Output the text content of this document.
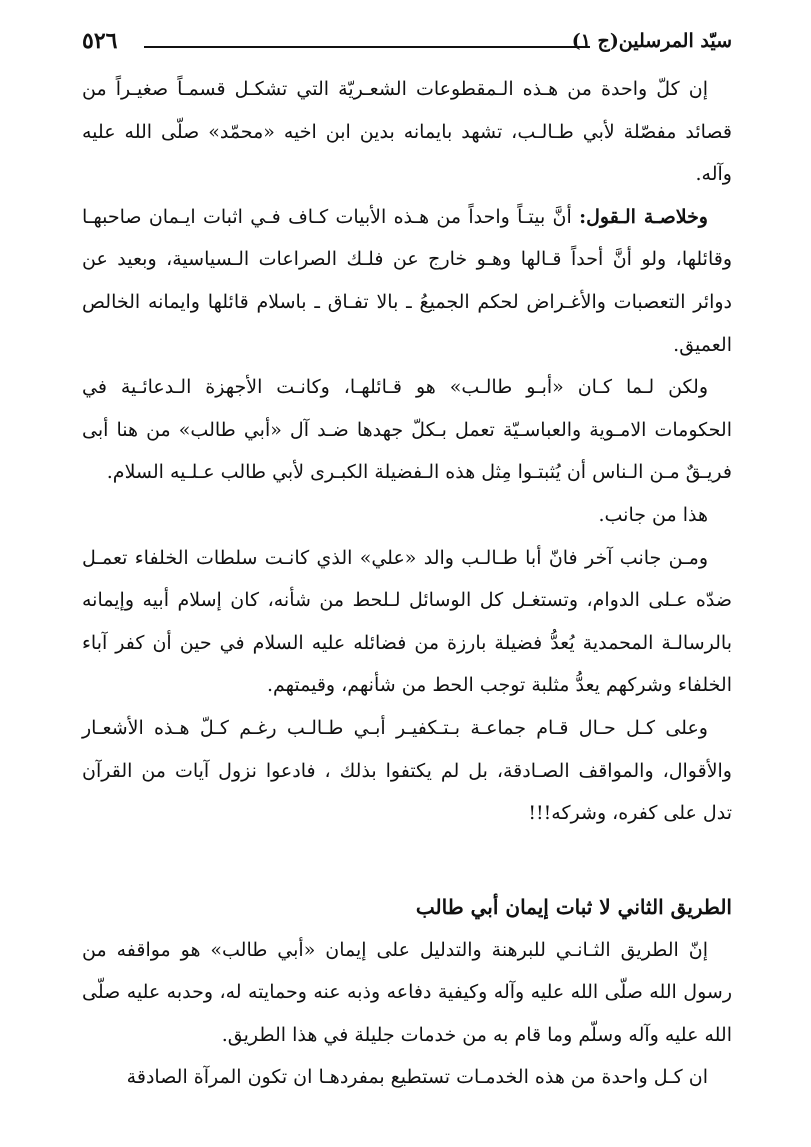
٥٢٦	سيّد المرسلين(ج ١)

إن كلّ واحدة من هـذه الـمقطوعات الشعـريّة التي تشكـل قسمـاً صغيـراً من قصائد مفصّلة لأبي طـالـب، تشهد بايمانه بدين ابن اخيه «محمّد» صلّى الله عليه وآله.

وخلاصـة الـقول: أنَّ بيتـاً واحداً من هـذه الأبيات كـاف فـي اثبات ايـمان صاحبهـا وقائلها، ولو أنَّ أحداً قـالها وهـو خارج عن فلـك الصراعات الـسياسية، وبعيد عن دوائر التعصبات والأغـراض لحكم الجميعُ ـ بالا تفـاق ـ باسلام قائلها وايمانه الخالص العميق.

ولكن لـما كـان «أبـو طالـب» هو قـائلهـا، وكانـت الأجهزة الـدعائـية في الحكومات الامـوية والعباسـيّة تعمل بـكلّ جهدها ضـد آل «أبي طالب» من هنا أبى فريـقٌ مـن الـناس أن يُثبتـوا مِثل هذه الـفضيلة الكبـرى لأبي طالب عـلـيه السلام.

هذا من جانب.

ومـن جانب آخر فانّ أبا طـالـب والد «علي» الذي كانـت سلطات الخلفاء تعمـل ضدّه عـلى الدوام، وتستغـل كل الوسائل لـلحط من شأنه، كان إسلام أبيه وإيمانه بالرسالـة المحمدية يُعدُّ فضيلة بارزة من فضائله عليه السلام في حين أن كفر آباء الخلفاء وشركهم يعدُّ مثلبة توجب الحط من شأنهم، وقيمتهم.

وعلى كـل حـال قـام جماعـة بـتـكفيـر أبـي طـالـب رغـم كـلّ هـذه الأشعـار والأقوال، والمواقف الصـادقة، بل لم يكتفوا بذلك ، فادعوا نزول آيات من القرآن تدل على كفره، وشركه!!!

الطريق الثاني لا ثبات إيمان أبي طالب

إنّ الطريق الثـانـي للبرهنة والتدليل على إيمان «أبي طالب» هو مواقفه من رسول الله صلّى الله عليه وآله وكيفية دفاعه وذبه عنه وحمايته له، وحدبه عليه صلّى الله عليه وآله وسلّم وما قام به من خدمات جليلة في هذا الطريق.

ان كـل واحدة من هذه الخدمـات تستطيع بمفردهـا ان تكون المرآة الصادقة
